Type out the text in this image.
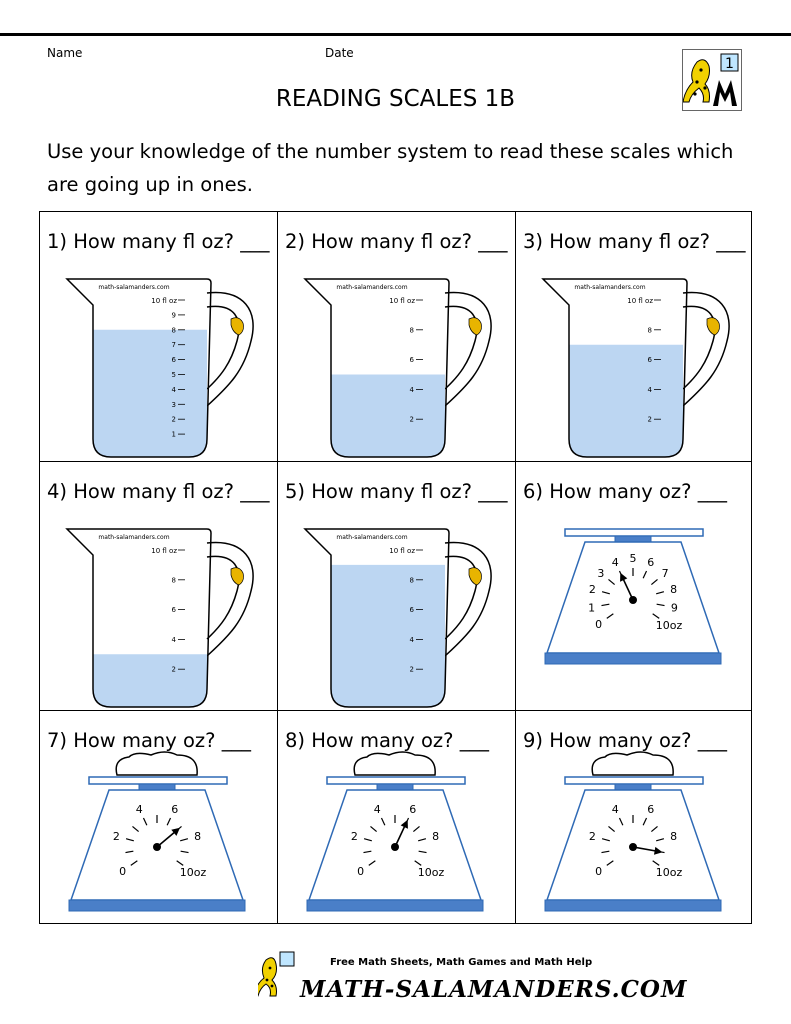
Name	Date
1
READING SCALES 1B
Use your knowledge of the number system to read these scales which are going up in ones.
1) How many fl oz? ___
math-salamanders.com
10 fl oz
1
2
3
4
5
6
7
8
9
2) How many fl oz? ___
math-salamanders.com
10 fl oz
2
4
6
8
3) How many fl oz? ___
math-salamanders.com
10 fl oz
2
4
6
8
4) How many fl oz? ___
math-salamanders.com
10 fl oz
2
4
6
8
5) How many fl oz? ___
math-salamanders.com
10 fl oz
2
4
6
8
6) How many oz? ___
0
1
2
3
4 5 6
7
8
9
10oz
7) How many oz? ___
0
2
4	6
8
10oz
8) How many oz? ___
0
2
4	6
8
10oz
9) How many oz? ___
0
2
4	6
8
10oz
Free Math Sheets, Math Games and Math Help
MATH-SALAMANDERS.COM
